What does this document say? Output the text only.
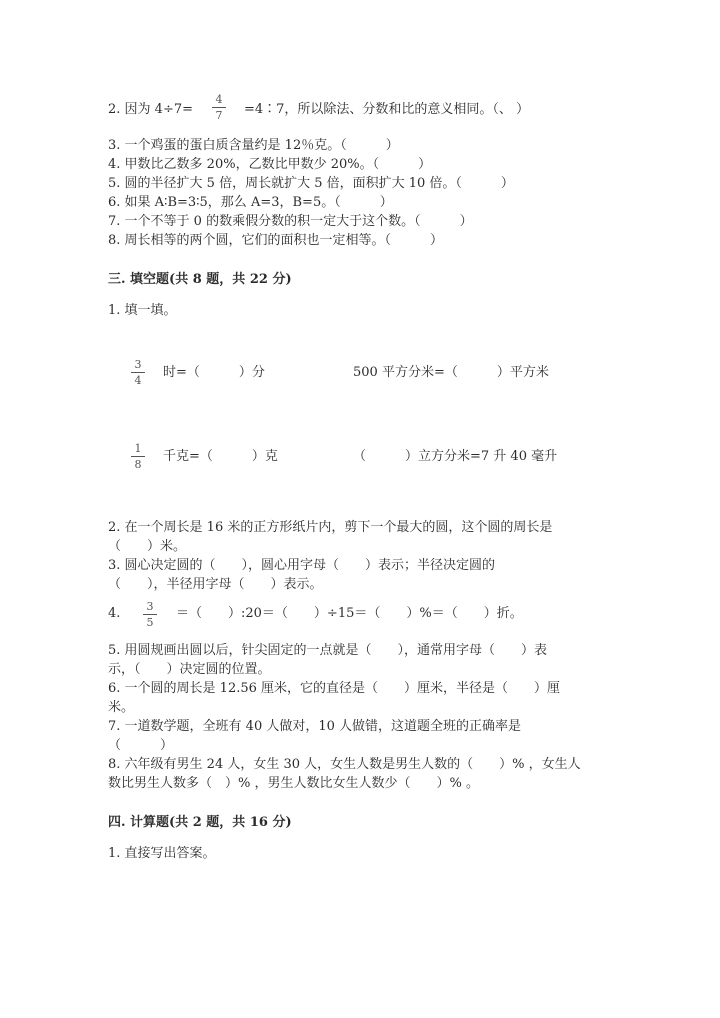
2. 因为 4÷7=
4
7 =4∶7，所以除法、分数和比的意义相同。（、 ）
3. 一个鸡蛋的蛋白质含量约是 12％克。（　　　）
4. 甲数比乙数多 20%，乙数比甲数少 20%。（　　　）
5. 圆的半径扩大 5 倍，周长就扩大 5 倍，面积扩大 10 倍。（　　　）
6. 如果 A∶B=3∶5，那么 A=3，B=5。（　　　）
7. 一个不等于 0 的数乘假分数的积一定大于这个数。（　　　）
8. 周长相等的两个圆，它们的面积也一定相等。（　　　）
三. 填空题(共 8 题，共 22 分)
1. 填一填。
3
4
时=（　　　）分	500 平方分米=（　　　）平方米
1
8
千克=（　　　）克	（　　　）立方分米=7 升 40 毫升
2. 在一个周长是 16 米的正方形纸片内，剪下一个最大的圆，这个圆的周长是
（　　）米。
3. 圆心决定圆的（　　），圆心用字母（　　）表示；半径决定圆的
（　　），半径用字母（　　）表示。
4.	3
5
＝（　　）:20＝（　　）÷15＝（　　）%＝（　　）折。
5. 用圆规画出圆以后，针尖固定的一点就是（　　），通常用字母（　　）表
示，（　　）决定圆的位置。
6. 一个圆的周长是 12.56 厘米，它的直径是（　　）厘米，半径是（　　）厘
米。
7. 一道数学题，全班有 40 人做对，10 人做错，这道题全班的正确率是
（　　　）
8. 六年级有男生 24 人，女生 30 人，女生人数是男生人数的（　　）% ，女生人
数比男生人数多（　）% ，男生人数比女生人数少（　　）% 。
四. 计算题(共 2 题，共 16 分)
1. 直接写出答案。
